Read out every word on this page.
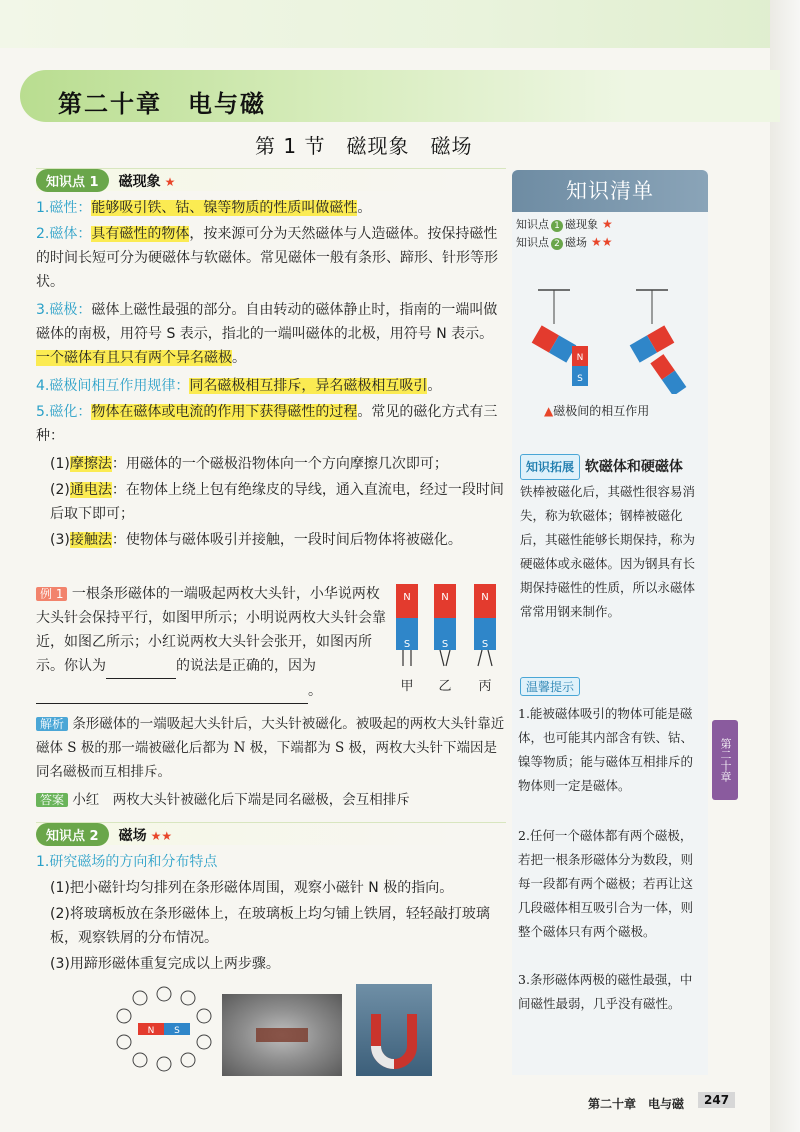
第二十章　电与磁
第 1 节　磁现象　磁场
知识点 1 磁现象 ★
1.磁性：能够吸引铁、钴、镍等物质的性质叫做磁性。
2.磁体：具有磁性的物体，按来源可分为天然磁体与人造磁体。按保持磁性的时间长短可分为硬磁体与软磁体。常见磁体一般有条形、蹄形、针形等形状。
3.磁极：磁体上磁性最强的部分。自由转动的磁体静止时，指南的一端叫做磁体的南极，用符号 S 表示，指北的一端叫磁体的北极，用符号 N 表示。一个磁体有且只有两个异名磁极。
4.磁极间相互作用规律：同名磁极相互排斥，异名磁极相互吸引。
5.磁化：物体在磁体或电流的作用下获得磁性的过程。常见的磁化方式有三种：
(1)摩擦法：用磁体的一个磁极沿物体向一个方向摩擦几次即可；
(2)通电法：在物体上绕上包有绝缘皮的导线，通入直流电，经过一段时间后取下即可；
(3)接触法：使物体与磁体吸引并接触，一段时间后物体将被磁化。
例 1 一根条形磁体的一端吸起两枚大头针，小华说两枚大头针会保持平行，如图甲所示；小明说两枚大头针会靠近，如图乙所示；小红说两枚大头针会张开，如图丙所示。你认为	的说法是正确的，因为 。
N
S
N
S
N
S
甲 乙 丙
解析 条形磁体的一端吸起大头针后，大头针被磁化。被吸起的两枚大头针靠近磁体 S 极的那一端被磁化后都为 N 极，下端都为 S 极，两枚大头针下端因是同名磁极而互相排斥。
答案 小红　两枚大头针被磁化后下端是同名磁极，会互相排斥
知识点 2 磁场 ★★
1.研究磁场的方向和分布特点
(1)把小磁针均匀排列在条形磁体周围，观察小磁针 N 极的指向。
(2)将玻璃板放在条形磁体上，在玻璃板上均匀铺上铁屑，轻轻敲打玻璃板，观察铁屑的分布情况。
(3)用蹄形磁体重复完成以上两步骤。
N S
知识清单
知识点 1 磁现象 ★
知识点 2 磁场 ★★
N
S
▲磁极间的相互作用
知识拓展 软磁体和硬磁体
铁棒被磁化后，其磁性很容易消失，称为软磁体；钢棒被磁化后，其磁性能够长期保持，称为硬磁体或永磁体。因为钢具有长期保持磁性的性质，所以永磁体常常用钢来制作。
温馨提示
1.能被磁体吸引的物体可能是磁体，也可能其内部含有铁、钴、镍等物质；能与磁体互相排斥的物体则一定是磁体。
2.任何一个磁体都有两个磁极，若把一根条形磁体分为数段，则每一段都有两个磁极；若再让这几段磁体相互吸引合为一体，则整个磁体只有两个磁极。
3.条形磁体两极的磁性最强，中间磁性最弱，几乎没有磁性。
第二十章
第二十章　电与磁	247
